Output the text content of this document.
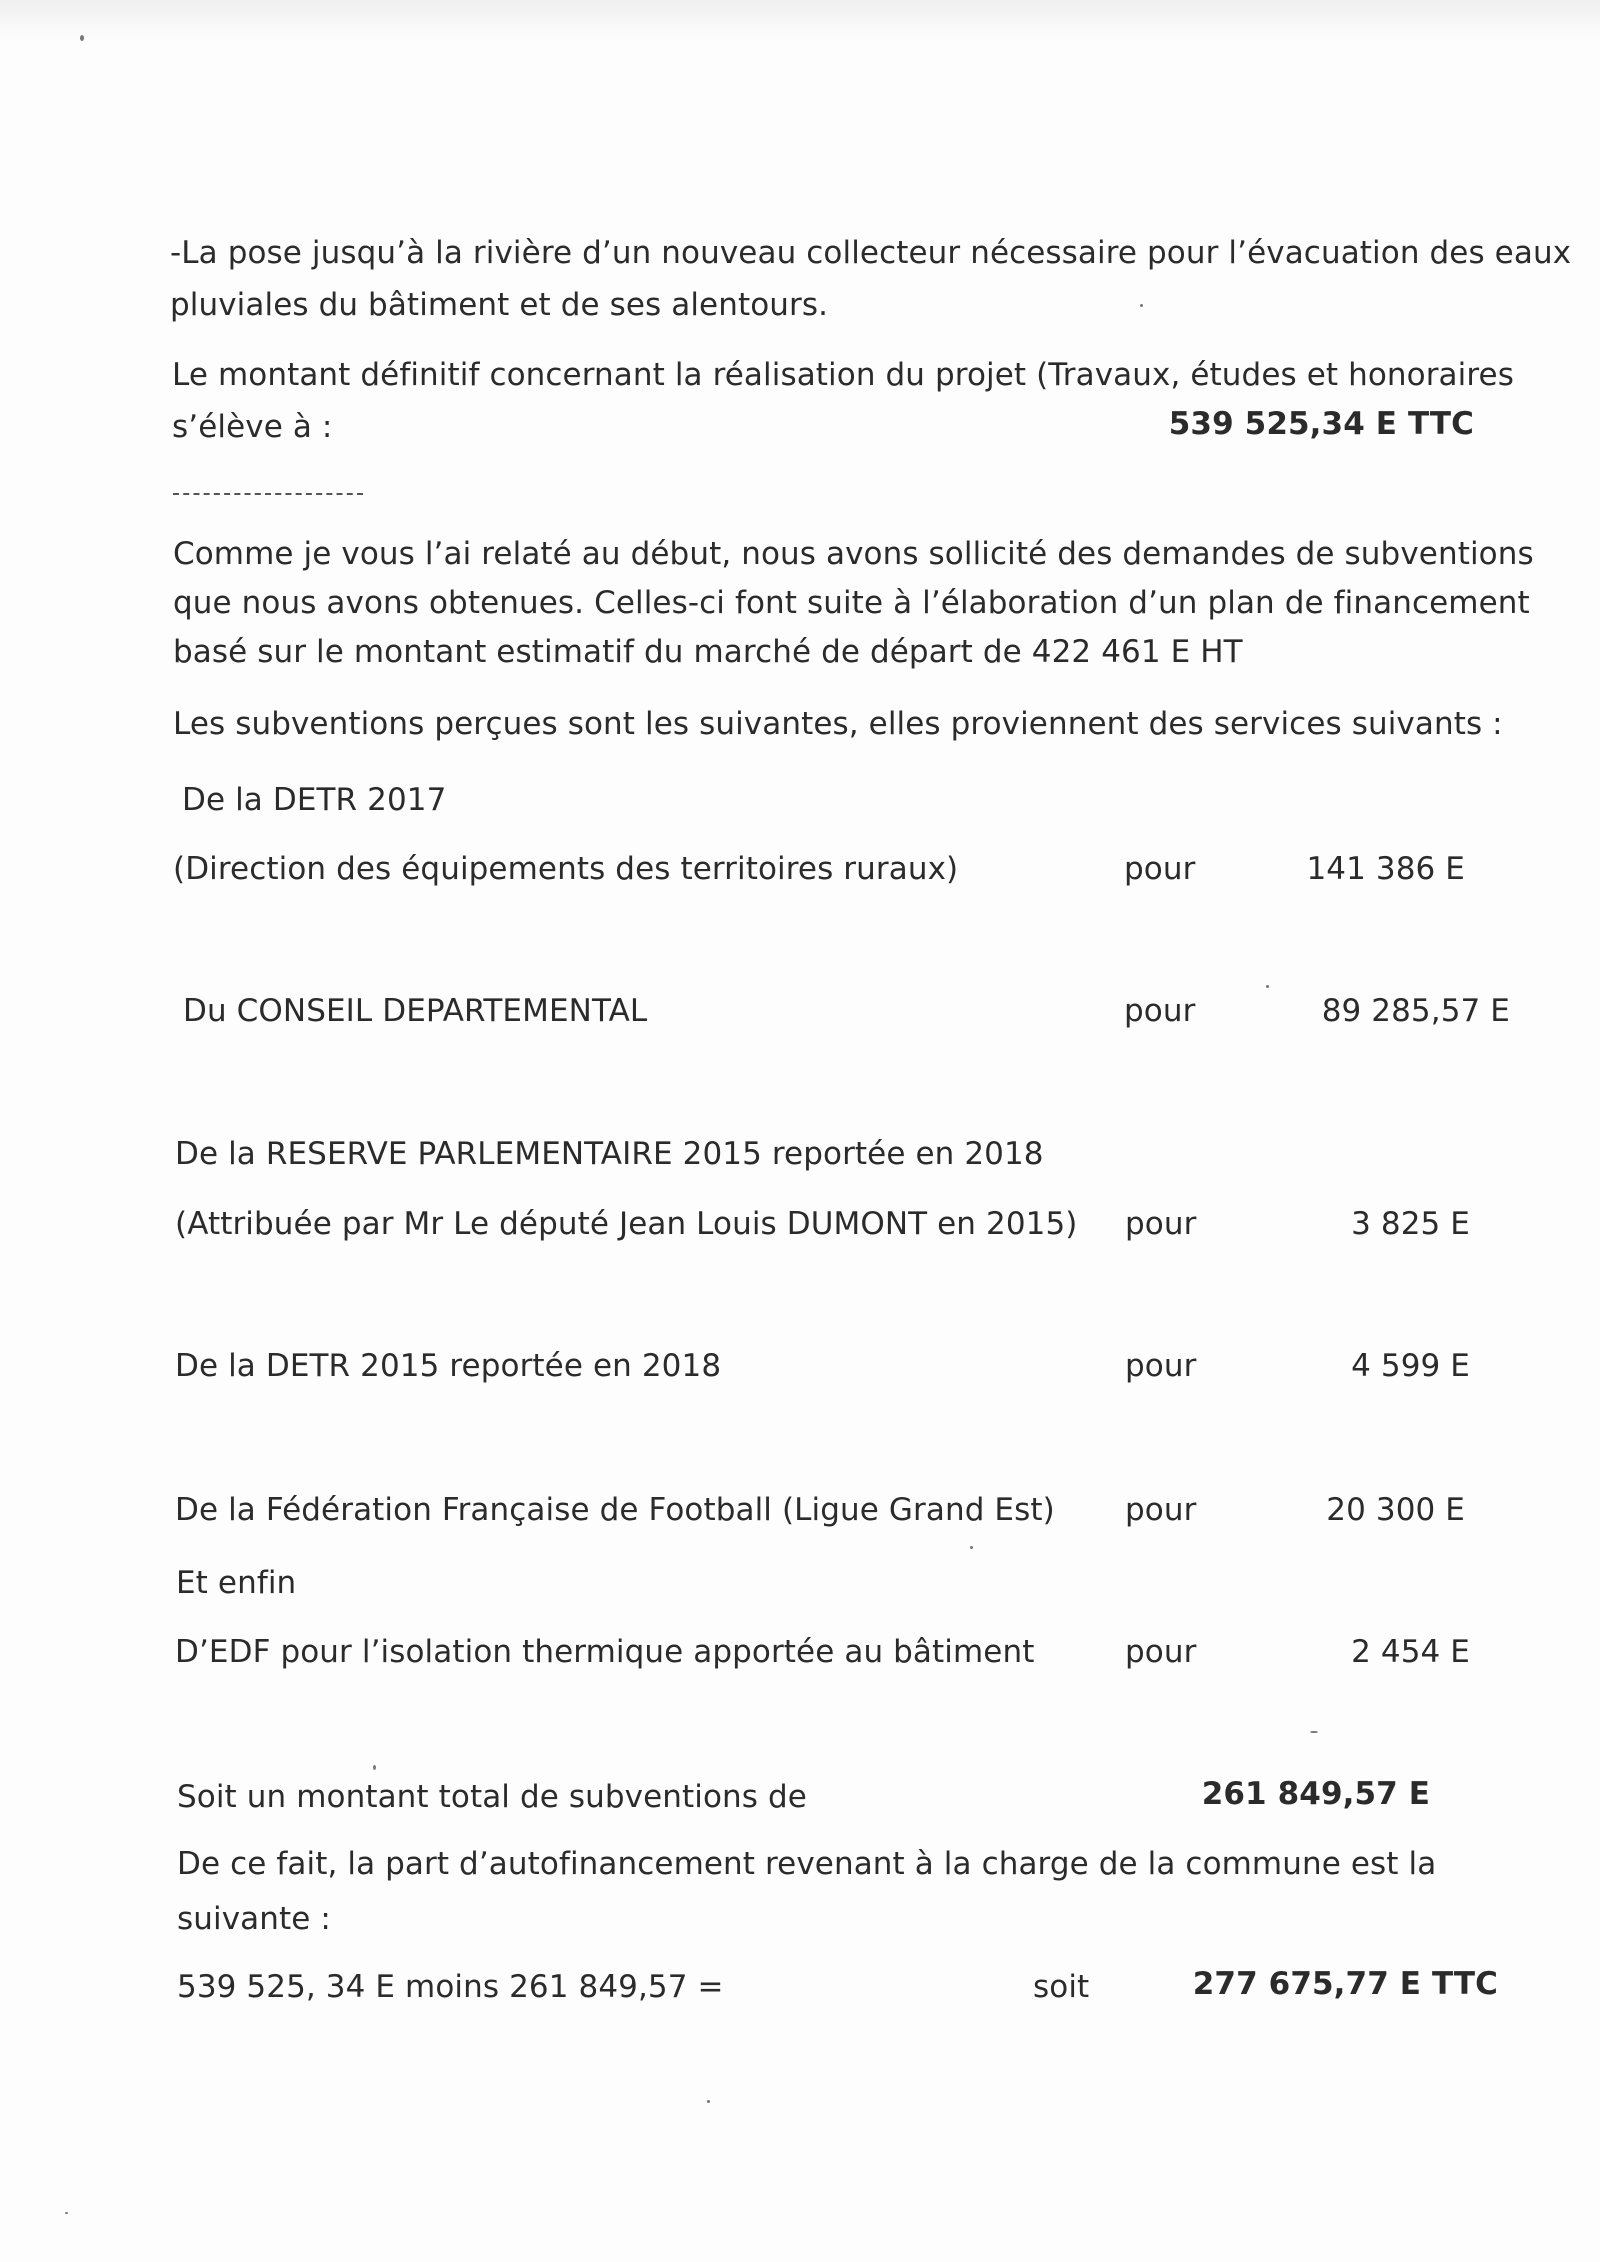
-La pose jusqu’à la rivière d’un nouveau collecteur nécessaire pour l’évacuation des eaux
pluviales du bâtiment et de ses alentours.
Le montant définitif concernant la réalisation du projet (Travaux, études et honoraires
s’élève à :	539 525,34 E TTC
Comme je vous l’ai relaté au début, nous avons sollicité des demandes de subventions
que nous avons obtenues. Celles-ci font suite à l’élaboration d’un plan de financement
basé sur le montant estimatif du marché de départ de 422 461 E HT
Les subventions perçues sont les suivantes, elles proviennent des services suivants :
De la DETR 2017
(Direction des équipements des territoires ruraux)	pour	141 386 E
Du CONSEIL DEPARTEMENTAL	pour	89 285,57 E
De la RESERVE PARLEMENTAIRE 2015 reportée en 2018
(Attribuée par Mr Le député Jean Louis DUMONT en 2015) pour	3 825 E
De la DETR 2015 reportée en 2018	pour	4 599 E
De la Fédération Française de Football (Ligue Grand Est) pour	20 300 E
Et enfin
D’EDF pour l’isolation thermique apportée au bâtiment	pour	2 454 E
Soit un montant total de subventions de	261 849,57 E
De ce fait, la part d’autofinancement revenant à la charge de la commune est la
suivante :
539 525, 34 E moins 261 849,57 =	soit	277 675,77 E TTC
